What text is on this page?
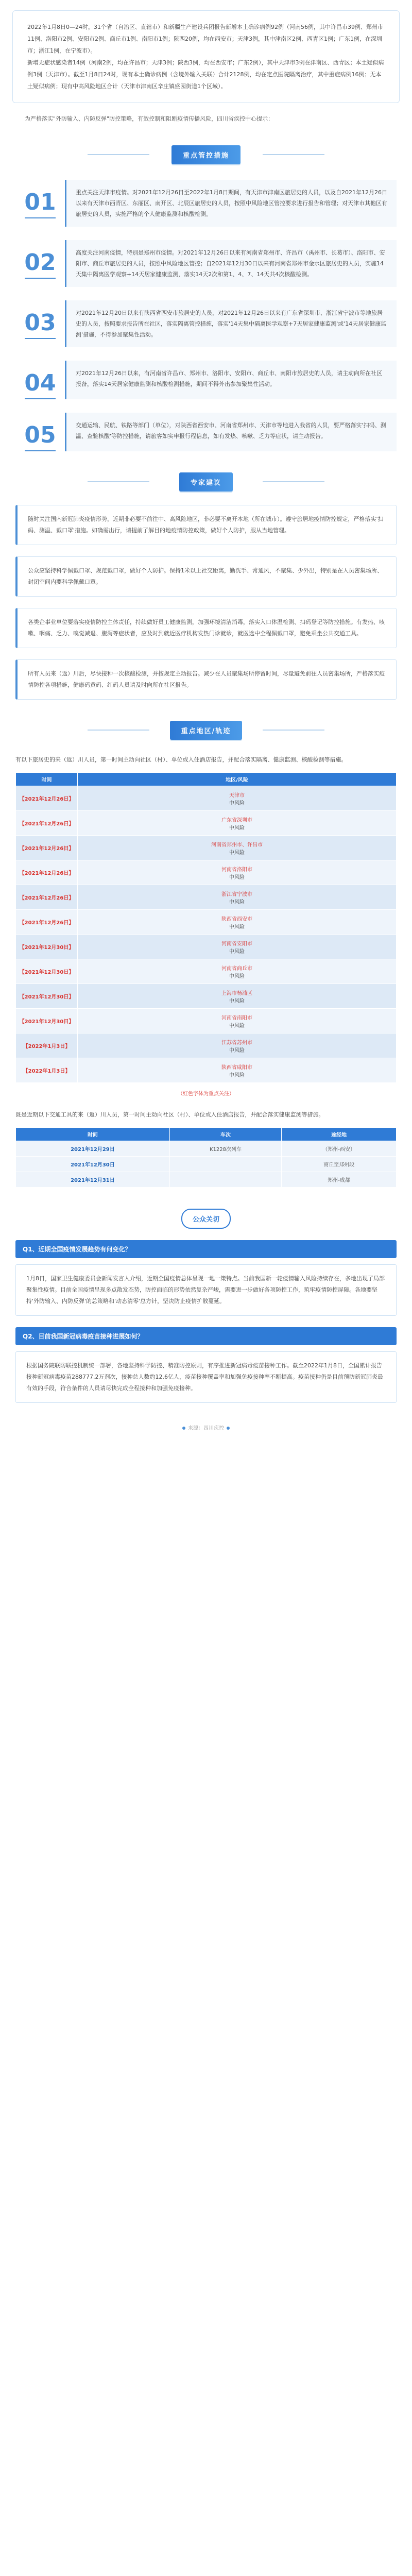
2022年1月8日0—24时，31个省（自治区、直辖市）和新疆生产建设兵团报告新增本土确诊病例92例（河南56例，其中许昌市39例、郑州市11例、洛阳市2例、安阳市2例、商丘市1例、南阳市1例；陕西20例，均在西安市；天津3例，其中津南区2例、西青区1例；广东1例，在深圳市；浙江1例，在宁波市）。

新增无症状感染者14例（河南2例，均在许昌市；天津3例；陕西3例，均在西安市；广东2例），其中天津市3例在津南区、西青区；本土疑似病例3例（天津市）。截至1月8日24时，现有本土确诊病例（含境外输入关联）合计2128例，均在定点医院隔离治疗，其中重症病例16例；无本土疑似病例；现有中高风险地区合计（天津市津南区辛庄镇盛园街道1个区域）。

为严格落实"外防输入、内防反弹"防控策略，有效控制和阻断疫情传播风险，四川省疾控中心提示：

重点管控措施
01	重点关注天津市疫情。对2021年12月26日至2022年1月8日期间，有天津市津南区旅居史的人员，以及自2021年12月26日以来有天津市西青区、东丽区、南开区、北辰区旅居史的人员，按照中风险地区管控要求进行报告和管理；对天津市其他区有旅居史的人员，实施严格的个人健康监测和核酸检测。
02	高度关注河南疫情，特别是郑州市疫情。对2021年12月26日以来有河南省郑州市、许昌市（禹州市、长葛市）、洛阳市、安阳市、商丘市旅居史的人员，按照中风险地区管控；自2021年12月30日以来有河南省郑州市金水区旅居史的人员，实施14天集中隔离医学观察+14天居家健康监测，落实14天2次和第1、4、7、14天共4次核酸检测。
03	对2021年12月20日以来有陕西省西安市旅居史的人员，对2021年12月26日以来有广东省深圳市、浙江省宁波市等地旅居史的人员，按照要求报告所在社区，落实隔离管控措施，落实'14天集中隔离医学观察+7天居家健康监测'或'14天居家健康监测'措施，不得参加聚集性活动。
04	对2021年12月26日以来，有河南省许昌市、郑州市、洛阳市、安阳市、商丘市、南阳市旅居史的人员，请主动向所在社区报备，落实14天居家健康监测和核酸检测措施，期间不得外出参加聚集性活动。
05	交通运输、民航、铁路等部门（单位），对陕西省西安市、河南省郑州市、天津市等地进入我省的人员，要严格落实'扫码、测温、查验核酸'等防控措施，请旅客如实申报行程信息，如有发热、咳嗽、乏力等症状，请主动报告。
专家建议
随时关注国内新冠肺炎疫情形势，近期非必要不前往中、高风险地区，非必要不离开本地（所在城市）。遵守旅居地疫情防控规定，严格落实'扫码、测温、戴口罩'措施。如确需出行，请提前了解目的地疫情防控政策，做好个人防护，服从当地管理。
公众应坚持科学佩戴口罩、规范戴口罩，做好个人防护。保持1米以上社交距离，勤洗手、常通风，不聚集、少外出，特别是在人员密集场所、封闭空间内要科学佩戴口罩。
各类企事业单位要落实疫情防控主体责任，持续做好员工健康监测，加强环境清洁消毒，落实入口体温检测、扫码登记等防控措施。有发热、咳嗽、咽痛、乏力、嗅觉减退、腹泻等症状者，应及时到就近医疗机构发热门诊就诊，就医途中全程佩戴口罩，避免乘坐公共交通工具。
所有人员来（返）川后，尽快接种一次核酸检测，并按规定主动报告。减少在人员聚集场所停留时间，尽量避免前往人员密集场所，严格落实疫情防控各项措施，健康码黄码、红码人员请及时向所在社区报告。
重点地区/轨迹

有以下旅居史的来（返）川人员，第一时间主动向社区（村）、单位或入住酒店报告，并配合落实隔离、健康监测、核酸检测等措施。

时间	地区/风险
【2021年12月26日】	天津市
中风险

【2021年12月26日】	广东省深圳市
中风险

【2021年12月26日】	河南省郑州市、许昌市
中风险

【2021年12月26日】	河南省洛阳市
中风险

【2021年12月26日】	浙江省宁波市
中风险

【2021年12月26日】	陕西省西安市
中风险

【2021年12月30日】	河南省安阳市
中风险

【2021年12月30日】	河南省商丘市
中风险

【2021年12月30日】	上海市杨浦区
中风险

【2021年12月30日】	河南省南阳市
中风险

【2022年1月3日】	江苏省苏州市
中风险

【2022年1月3日】	陕西省咸阳市
中风险
（红色字体为重点关注）

既是近期以下交通工具的来（返）川人员，第一时间主动向社区（村）、单位或入住酒店报告，并配合落实健康监测等措施。

时间	车次	途经地
2021年12月29日	K1228次列车	（郑州-西安）
2021年12月30日		商丘至郑州段
2021年12月31日		郑州-成都
公众关切
Q1、近期全国疫情发展趋势有何变化？
1月8日，国家卫生健康委员会新闻发言人介绍，近期全国疫情总体呈现一地一策特点。当前我国新一轮疫情输入风险持续存在，多地出现了局部聚集性疫情。目前全国疫情呈现多点散发态势，防控面临的形势依然复杂严峻，需要进一步做好各项防控工作，筑牢疫情防控屏障。各地要坚持'外防输入、内防反弹'的总策略和'动态清零'总方针，坚决防止疫情扩散蔓延。
Q2、目前我国新冠病毒疫苗接种进展如何？
根据国务院联防联控机制统一部署，各地坚持科学防控、精准防控原则，有序推进新冠病毒疫苗接种工作。截至2022年1月8日，全国累计报告接种新冠病毒疫苗288777.2万剂次，接种总人数约12.6亿人，疫苗接种覆盖率和加强免疫接种率不断提高。疫苗接种仍是目前预防新冠肺炎最有效的手段，符合条件的人员请尽快完成全程接种和加强免疫接种。
来源：四川疾控
